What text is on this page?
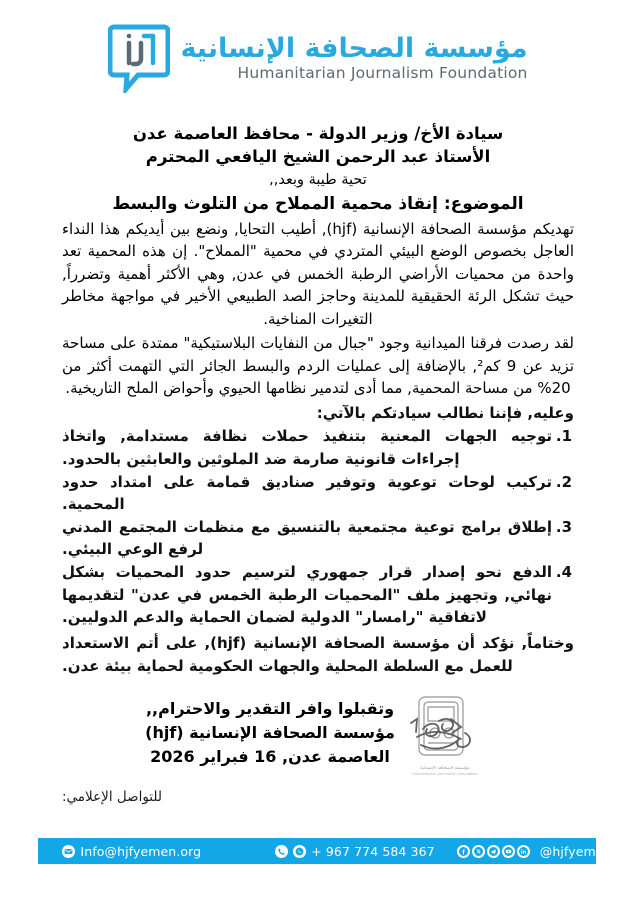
مؤسسة الصحافة الإنسانية
Humanitarian Journalism Foundation

سيادة الأخ/ وزير الدولة - محافظ العاصمة عدن

الأستاذ عبد الرحمن الشيخ اليافعي المحترم

تحية طيبة وبعد,,

الموضوع: إنقاذ محمية المملاح من التلوث والبسط

تهديكم مؤسسة الصحافة الإنسانية (hjf), أطيب التحايا, ونضع بين أيديكم هذا النداء العاجل بخصوص الوضع البيئي المتردي في محمية "المملاح". إن هذه المحمية تعد واحدة من محميات الأراضي الرطبة الخمس في عدن, وهي الأكثر أهمية وتضرراً, حيث تشكل الرئة الحقيقية للمدينة وحاجز الصد الطبيعي الأخير في مواجهة مخاطر التغيرات المناخية.

لقد رصدت فرقنا الميدانية وجود "جبال من النفايات البلاستيكية" ممتدة على مساحة تزيد عن 9 كم², بالإضافة إلى عمليات الردم والبسط الجائر التي التهمت أكثر من 20% من مساحة المحمية, مما أدى لتدمير نظامها الحيوي وأحواض الملح التاريخية.

وعليه, فإننا نطالب سيادتكم بالآتي:

توجيه الجهات المعنية بتنفيذ حملات نظافة مستدامة, واتخاذ إجراءات قانونية صارمة ضد الملوثين والعابثين بالحدود.
تركيب لوحات توعوية وتوفير صناديق قمامة على امتداد حدود المحمية.
إطلاق برامج توعية مجتمعية بالتنسيق مع منظمات المجتمع المدني لرفع الوعي البيئي.
الدفع نحو إصدار قرار جمهوري لترسيم حدود المحميات بشكل نهائي, وتجهيز ملف "المحميات الرطبة الخمس في عدن" لتقديمها لاتفاقية "رامسار" الدولية لضمان الحماية والدعم الدوليين.

وختاماً, نؤكد أن مؤسسة الصحافة الإنسانية (hjf), على أتم الاستعداد للعمل مع السلطة المحلية والجهات الحكومية لحماية بيئة عدن.

مؤسسة الصحافة الإنسانية
Humanitarian Journalism Foundation
وتقبلوا وافر التقدير والاحترام,,
مؤسسة الصحافة الإنسانية (hjf)
العاصمة عدن, 16 فبراير 2026
للتواصل الإعلامي:
Info@hjfyemen.org	+ 967 774 584 367	@hjfyemen
